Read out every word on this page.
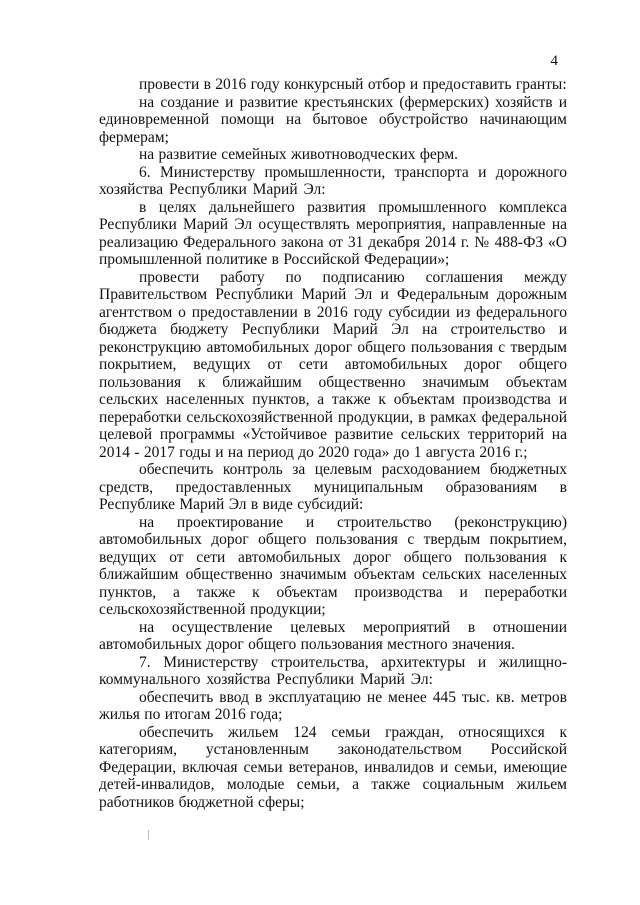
4

провести в 2016 году конкурсный отбор и предоставить гранты:

на создание и развитие крестьянских (фермерских) хозяйств и единовременной помощи на бытовое обустройство начинающим фермерам;

на развитие семейных животноводческих ферм.

6. Министерству промышленности, транспорта и дорожного хозяйства Республики Марий Эл:

в целях дальнейшего развития промышленного комплекса Республики Марий Эл осуществлять мероприятия, направленные на реализацию Федерального закона от 31 декабря 2014 г. № 488-ФЗ «О промышленной политике в Российской Федерации»;

провести работу по подписанию соглашения между Правительством Республики Марий Эл и Федеральным дорожным агентством о предоставлении в 2016 году субсидии из федерального бюджета бюджету Республики Марий Эл на строительство и реконструкцию автомобильных дорог общего пользования с твердым покрытием, ведущих от сети автомобильных дорог общего пользования к ближайшим общественно значимым объектам сельских населенных пунктов, а также к объектам производства и переработки сельскохозяйственной продукции, в рамках федеральной целевой программы «Устойчивое развитие сельских территорий на 2014 - 2017 годы и на период до 2020 года» до 1 августа 2016 г.;

обеспечить контроль за целевым расходованием бюджетных средств, предоставленных муниципальным образованиям в Республике Марий Эл в виде субсидий:

на проектирование и строительство (реконструкцию) автомобильных дорог общего пользования с твердым покрытием, ведущих от сети автомобильных дорог общего пользования к ближайшим общественно значимым объектам сельских населенных пунктов, а также к объектам производства и переработки сельскохозяйственной продукции;

на осуществление целевых мероприятий в отношении автомобильных дорог общего пользования местного значения.

7. Министерству строительства, архитектуры и жилищно-коммунального хозяйства Республики Марий Эл:

обеспечить ввод в эксплуатацию не менее 445 тыс. кв. метров жилья по итогам 2016 года;

обеспечить жильем 124 семьи граждан, относящихся к категориям, установленным законодательством Российской Федерации, включая семьи ветеранов, инвалидов и семьи, имеющие детей-инвалидов, молодые семьи, а также социальным жильем работников бюджетной сферы;
